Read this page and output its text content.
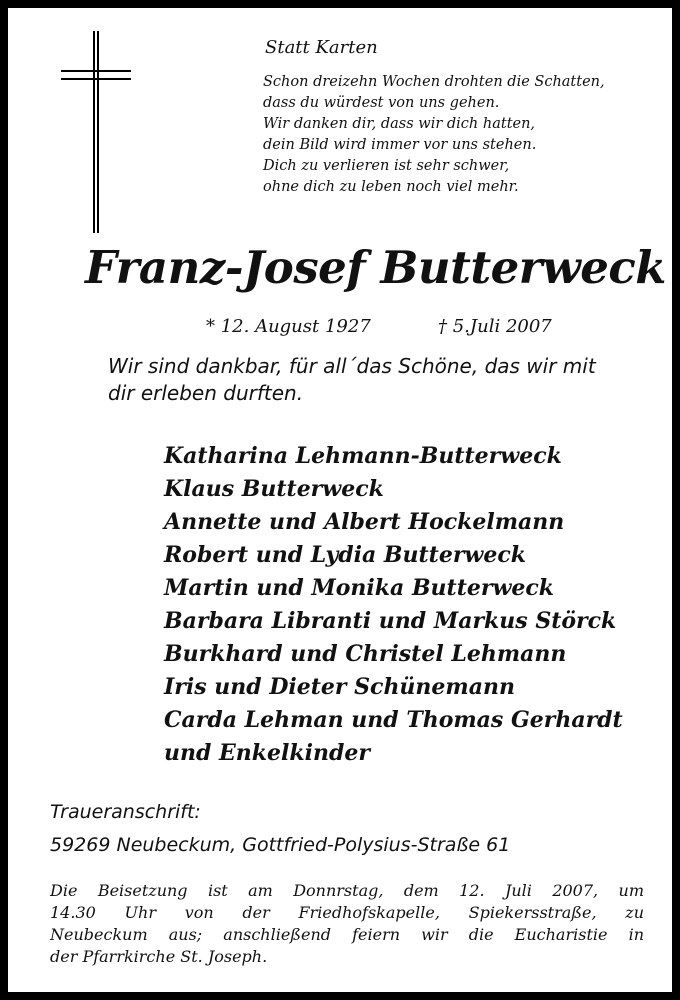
Statt Karten
Schon dreizehn Wochen drohten die Schatten,
dass du würdest von uns gehen.
Wir danken dir, dass wir dich hatten,
dein Bild wird immer vor uns stehen.
Dich zu verlieren ist sehr schwer,
ohne dich zu leben noch viel mehr.
Franz-Josef Butterweck
* 12. August 1927	† 5.Juli 2007
Wir sind dankbar, für all´das Schöne, das wir mit
dir erleben durften.
Katharina Lehmann-Butterweck
Klaus Butterweck
Annette und Albert Hockelmann
Robert und Lydia Butterweck
Martin und Monika Butterweck
Barbara Libranti und Markus Störck
Burkhard und Christel Lehmann
Iris und Dieter Schünemann
Carda Lehman und Thomas Gerhardt
und Enkelkinder
Traueranschrift:
59269 Neubeckum, Gottfried-Polysius-Straße 61
Die Beisetzung ist am Donnrstag, dem 12. Juli 2007, um
14.30 Uhr von der Friedhofskapelle, Spiekersstraße, zu
Neubeckum aus; anschließend feiern wir die Eucharistie in
der Pfarrkirche St. Joseph.
